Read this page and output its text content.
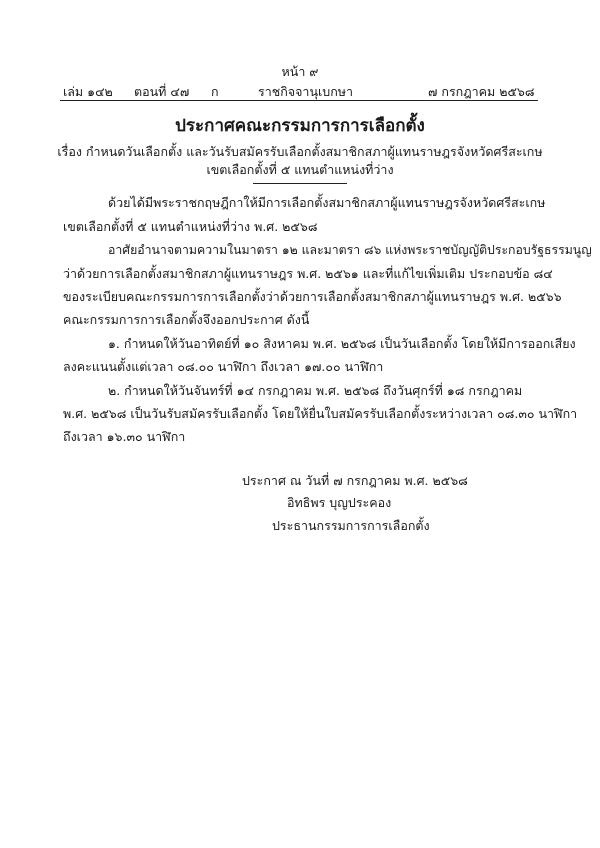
หน้า ๙
เล่ม ๑๔๒ ตอนที่ ๔๗ ก	ราชกิจจานุเบกษา	๗ กรกฎาคม ๒๕๖๘
ประกาศคณะกรรมการการเลือกตั้ง
เรื่อง กำหนดวันเลือกตั้ง และวันรับสมัครรับเลือกตั้งสมาชิกสภาผู้แทนราษฎรจังหวัดศรีสะเกษ
เขตเลือกตั้งที่ ๕ แทนตำแหน่งที่ว่าง
ด้วยได้มีพระราชกฤษฎีกาให้มีการเลือกตั้งสมาชิกสภาผู้แทนราษฎรจังหวัดศรีสะเกษ
เขตเลือกตั้งที่ ๕ แทนตำแหน่งที่ว่าง พ.ศ. ๒๕๖๘
อาศัยอำนาจตามความในมาตรา ๑๒ และมาตรา ๘๖ แห่งพระราชบัญญัติประกอบรัฐธรรมนูญ
ว่าด้วยการเลือกตั้งสมาชิกสภาผู้แทนราษฎร พ.ศ. ๒๕๖๑ และที่แก้ไขเพิ่มเติม ประกอบข้อ ๘๔
ของระเบียบคณะกรรมการการเลือกตั้งว่าด้วยการเลือกตั้งสมาชิกสภาผู้แทนราษฎร พ.ศ. ๒๕๖๖
คณะกรรมการการเลือกตั้งจึงออกประกาศ ดังนี้
๑. กำหนดให้วันอาทิตย์ที่ ๑๐ สิงหาคม พ.ศ. ๒๕๖๘ เป็นวันเลือกตั้ง โดยให้มีการออกเสียง
ลงคะแนนตั้งแต่เวลา ๐๘.๐๐ นาฬิกา ถึงเวลา ๑๗.๐๐ นาฬิกา
๒. กำหนดให้วันจันทร์ที่ ๑๔ กรกฎาคม พ.ศ. ๒๕๖๘ ถึงวันศุกร์ที่ ๑๘ กรกฎาคม
พ.ศ. ๒๕๖๘ เป็นวันรับสมัครรับเลือกตั้ง โดยให้ยื่นใบสมัครรับเลือกตั้งระหว่างเวลา ๐๘.๓๐ นาฬิกา
ถึงเวลา ๑๖.๓๐ นาฬิกา
ประกาศ ณ วันที่ ๗ กรกฎาคม พ.ศ. ๒๕๖๘
อิทธิพร บุญประคอง
ประธานกรรมการการเลือกตั้ง
